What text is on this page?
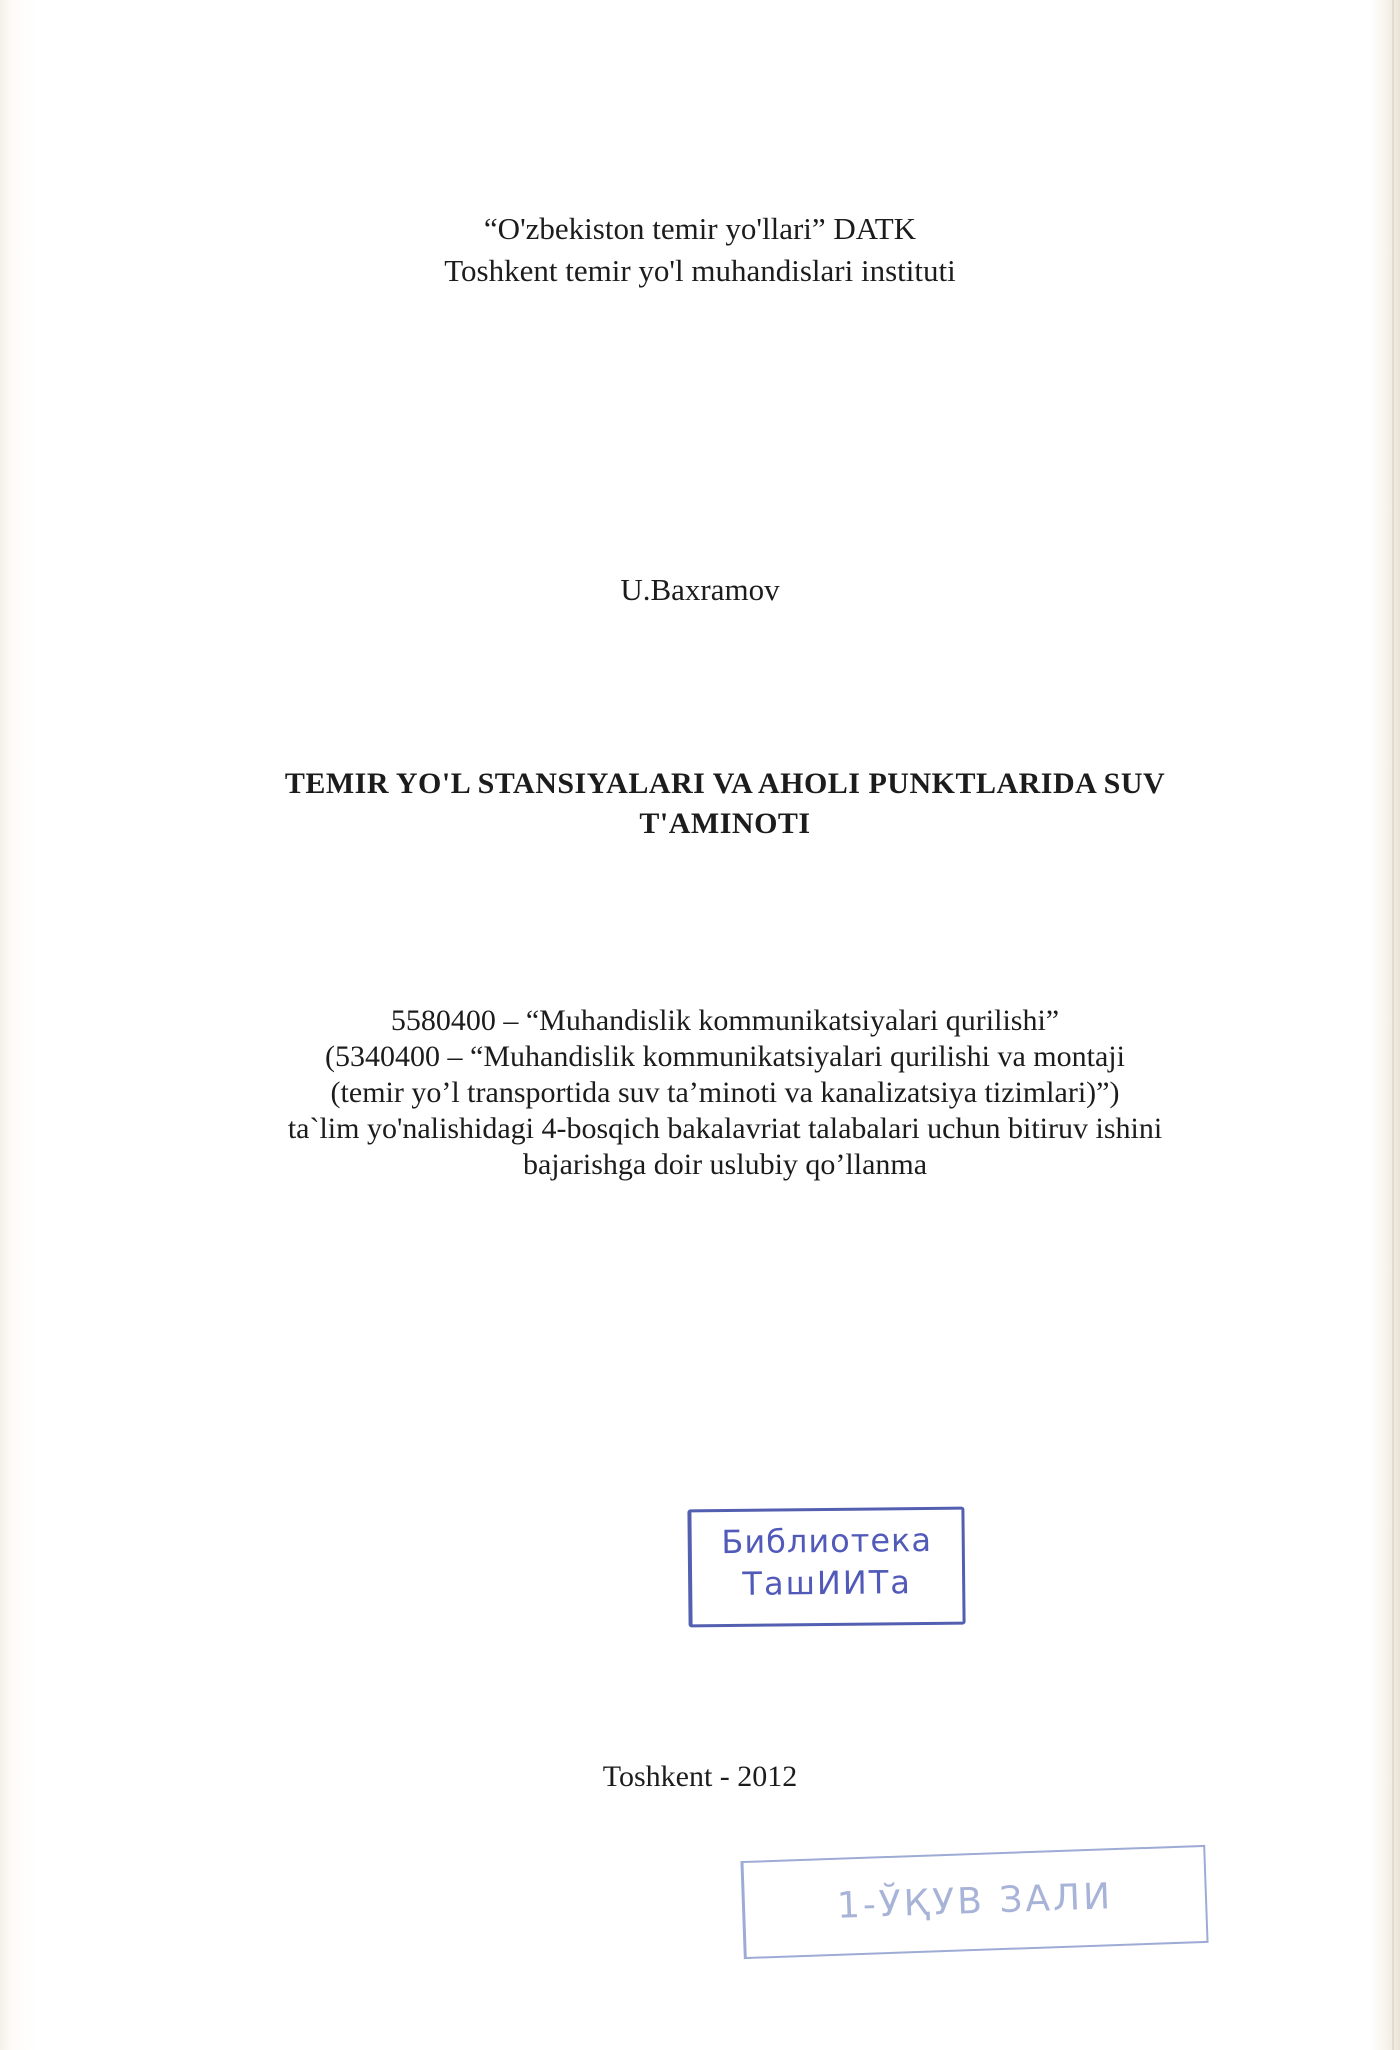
“O'zbekiston temir yo'llari” DATK
Toshkent temir yo'l muhandislari instituti
U.Baxramov
TEMIR YO'L STANSIYALARI VA AHOLI PUNKTLARIDA SUV
T'AMINOTI
5580400 – “Muhandislik kommunikatsiyalari qurilishi”
(5340400 – “Muhandislik kommunikatsiyalari qurilishi va montaji
(temir yo’l transportida suv ta’minoti va kanalizatsiya tizimlari)”)
ta`lim yo'nalishidagi 4-bosqich bakalavriat talabalari uchun bitiruv ishini
bajarishga doir uslubiy qo’llanma
Библиотека
ТашИИТа
Toshkent - 2012
1-ЎҚУВ ЗАЛИ
